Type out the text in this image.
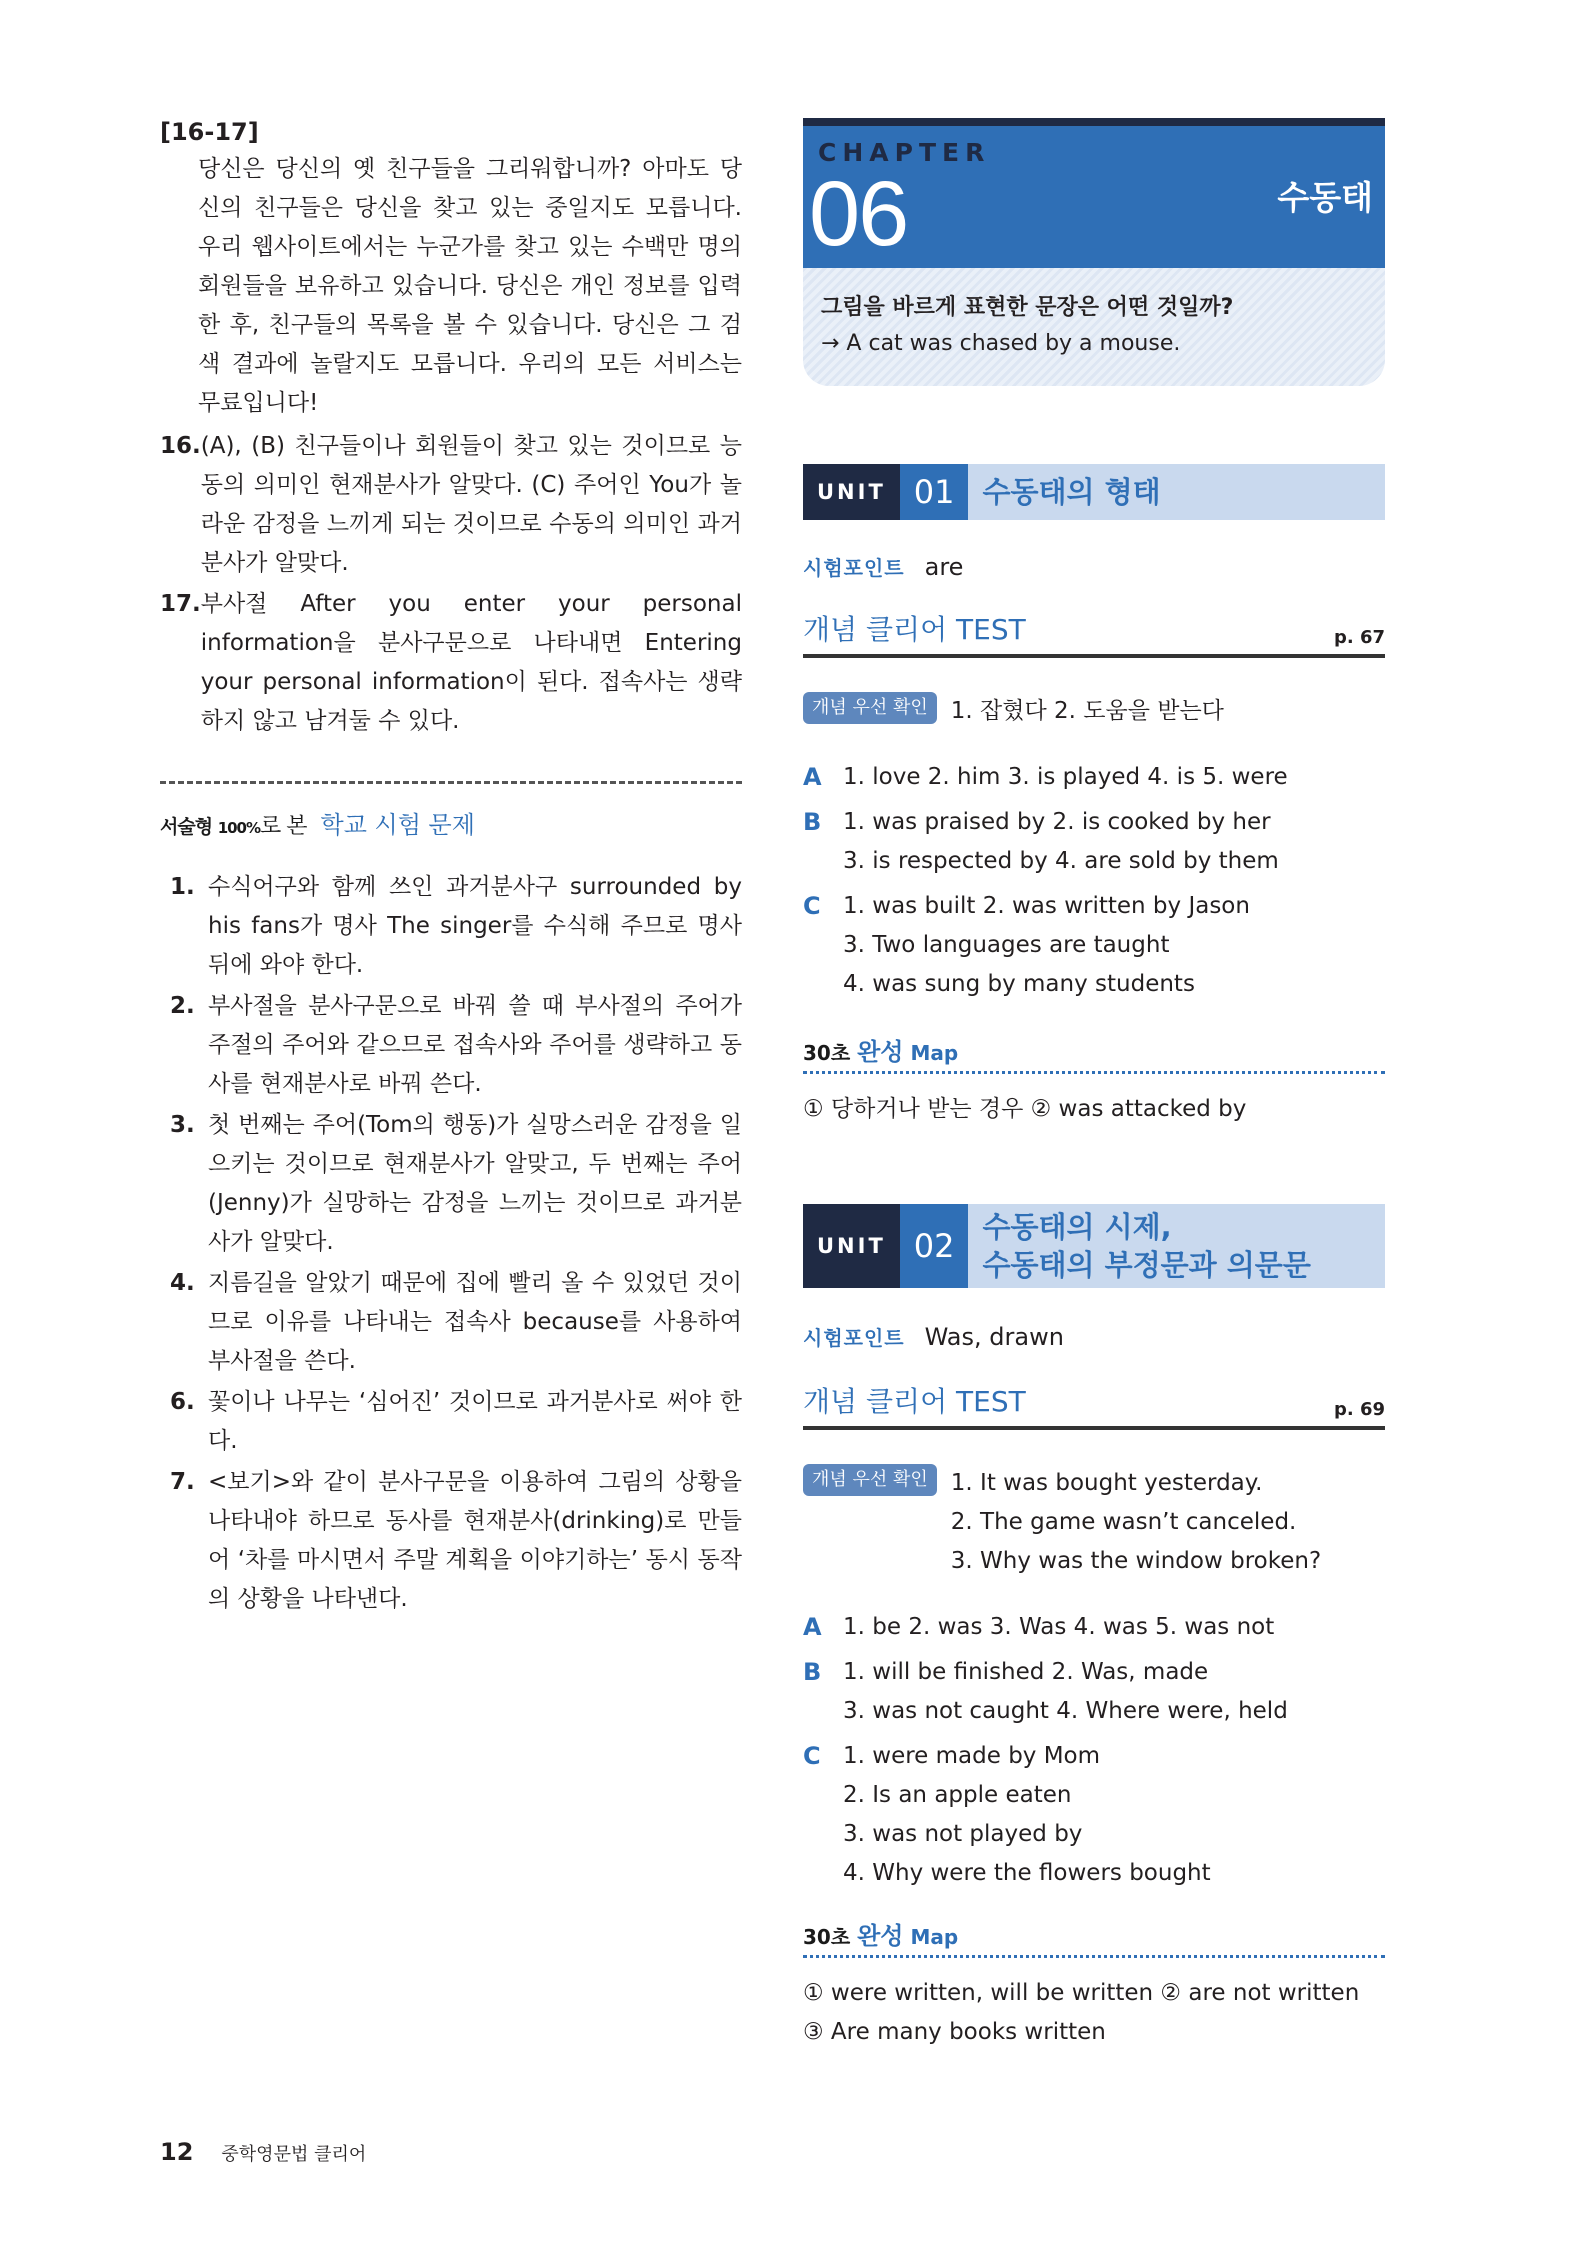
[16-17]

당신은 당신의 옛 친구들을 그리워합니까? 아마도 당신의 친구들은 당신을 찾고 있는 중일지도 모릅니다. 우리 웹사이트에서는 누군가를 찾고 있는 수백만 명의 회원들을 보유하고 있습니다. 당신은 개인 정보를 입력한 후, 친구들의 목록을 볼 수 있습니다. 당신은 그 검색 결과에 놀랄지도 모릅니다. 우리의 모든 서비스는 무료입니다!

16. (A), (B) 친구들이나 회원들이 찾고 있는 것이므로 능동의 의미인 현재분사가 알맞다. (C) 주어인 You가 놀라운 감정을 느끼게 되는 것이므로 수동의 의미인 과거분사가 알맞다.
17. 부사절 After you enter your personal information을 분사구문으로 나타내면 Entering your personal information이 된다. 접속사는 생략하지 않고 남겨둘 수 있다.
서술형 100%로 본 학교 시험 문제
1. 수식어구와 함께 쓰인 과거분사구 surrounded by his fans가 명사 The singer를 수식해 주므로 명사 뒤에 와야 한다.
2. 부사절을 분사구문으로 바꿔 쓸 때 부사절의 주어가 주절의 주어와 같으므로 접속사와 주어를 생략하고 동사를 현재분사로 바꿔 쓴다.
3. 첫 번째는 주어(Tom의 행동)가 실망스러운 감정을 일으키는 것이므로 현재분사가 알맞고, 두 번째는 주어(Jenny)가 실망하는 감정을 느끼는 것이므로 과거분사가 알맞다.
4. 지름길을 알았기 때문에 집에 빨리 올 수 있었던 것이므로 이유를 나타내는 접속사 because를 사용하여 부사절을 쓴다.
6. 꽃이나 나무는 ‘심어진’ 것이므로 과거분사로 써야 한다.
7. <보기>와 같이 분사구문을 이용하여 그림의 상황을 나타내야 하므로 동사를 현재분사(drinking)로 만들어 ‘차를 마시면서 주말 계획을 이야기하는’ 동시 동작의 상황을 나타낸다.
12 중학영문법 클리어
CHAPTER
06	수동태
그림을 바르게 표현한 문장은 어떤 것일까?
→ A cat was chased by a mouse.
UNIT 01 수동태의 형태
시험포인트 are
개념 클리어 TEST	p. 67
개념 우선 확인	1. 잡혔다 2. 도움을 받는다
A 1. love 2. him 3. is played 4. is 5. were
B 1. was praised by 2. is cooked by her
3. is respected by 4. are sold by them
C 1. was built 2. was written by Jason
3. Two languages are taught
4. was sung by many students
30초 완성 Map
① 당하거나 받는 경우 ② was attacked by
UNIT 02 수동태의 시제,
수동태의 부정문과 의문문
시험포인트 Was, drawn
개념 클리어 TEST	p. 69
개념 우선 확인	1. It was bought yesterday.
2. The game wasn’t canceled.
3. Why was the window broken?
A 1. be 2. was 3. Was 4. was 5. was not
B 1. will be finished 2. Was, made
3. was not caught 4. Where were, held
C 1. were made by Mom
2. Is an apple eaten
3. was not played by
4. Why were the flowers bought
30초 완성 Map
① were written, will be written ② are not written
③ Are many books written
